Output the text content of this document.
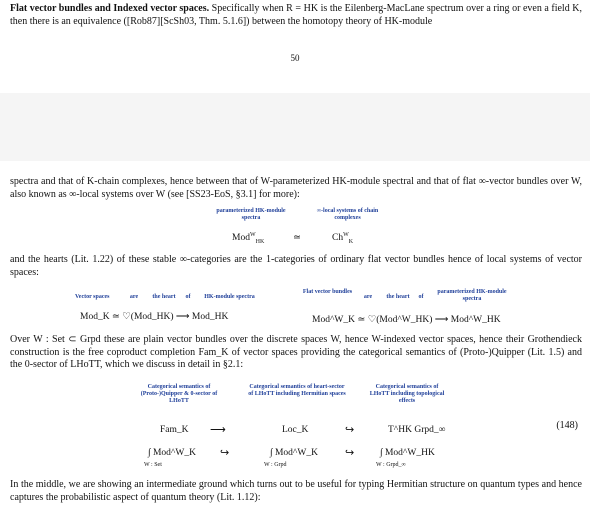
Flat vector bundles and Indexed vector spaces. Specifically when R = HK is the Eilenberg-MacLane spectrum over a ring or even a field K, then there is an equivalence ([Rob87][ScSh03, Thm. 5.1.6]) between the homotopy theory of HK-module
50
spectra and that of K-chain complexes, hence between that of W-parameterized HK-module spectral and that of flat ∞-vector bundles over W, also known as ∞-local systems over W (see [SS23-EoS, §3.1] for more):
parameterized HK-module spectra
Mod$^W_{HK}$	≃
∞-local systems of chain complexes
$Ch^W_K$
and the hearts (Lit. 1.22) of these stable ∞-categories are the 1-categories of ordinary flat vector bundles hence of local systems of vector spaces:
Vector spaces	are	the heart	of	HK-module spectra
Flat vector bundles
are	the heart	of
parameterized HK-module spectra
Mod_K ≃ ♡(Mod_HK) ⟶ Mod_HK	Mod^W_K ≃ ♡(Mod^W_HK) ⟶ Mod^W_HK
Over W : Set ⊂ Grpd these are plain vector bundles over the discrete spaces W, hence W-indexed vector spaces, hence their Grothendieck construction is the free coproduct completion Fam_K of vector spaces providing the categorical semantics of (Proto-)Quipper (Lit. 1.5) and the 0-sector of LHoTT, which we discuss in detail in §2.1:
Categorical semantics of (Proto-)Quipper & 0-sector of LHoTT
Categorical semantics of heart-sector of LHoTT including Hermitian spaces
Categorical semantics of LHoTT including topological effects
Fam_K ⟶	Loc_K	↪	T^HK Grpd_∞	(148)
∫ Mod^W_K
W : Set
↪	∫ Mod^W_K
W : Grpd
↪	∫ Mod^W_HK
W : Grpd_∞
In the middle, we are showing an intermediate ground which turns out to be useful for typing Hermitian structure on quantum types and hence captures the probabilistic aspect of quantum theory (Lit. 1.12):
